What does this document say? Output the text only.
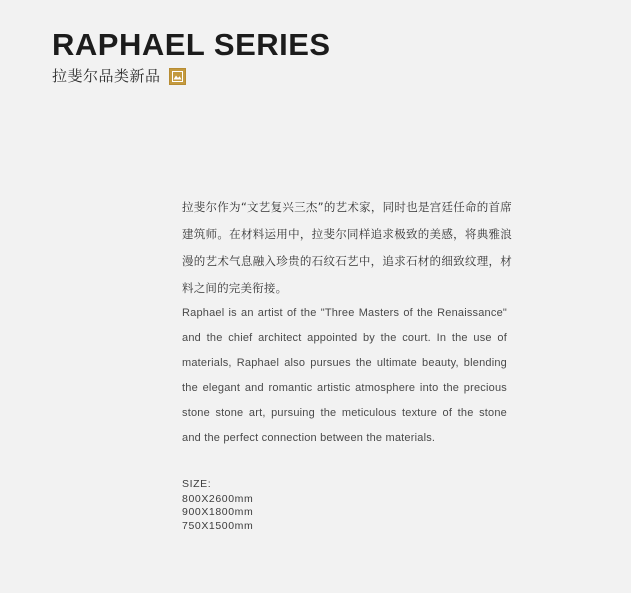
RAPHAEL SERIES
拉斐尔品类新品

拉斐尔作为“文艺复兴三杰”的艺术家，同时也是宫廷任命的首席建筑师。在材料运用中，拉斐尔同样追求极致的美感，将典雅浪漫的艺术气息融入珍贵的石纹石艺中，追求石材的细致纹理，材料之间的完美衔接。

Raphael is an artist of the "Three Masters of the Renaissance" and the chief architect appointed by the court. In the use of materials, Raphael also pursues the ultimate beauty, blending the elegant and romantic artistic atmosphere into the precious stone stone art, pursuing the meticulous texture of the stone and the perfect connection between the materials.

SIZE:
800X2600mm
900X1800mm
750X1500mm
